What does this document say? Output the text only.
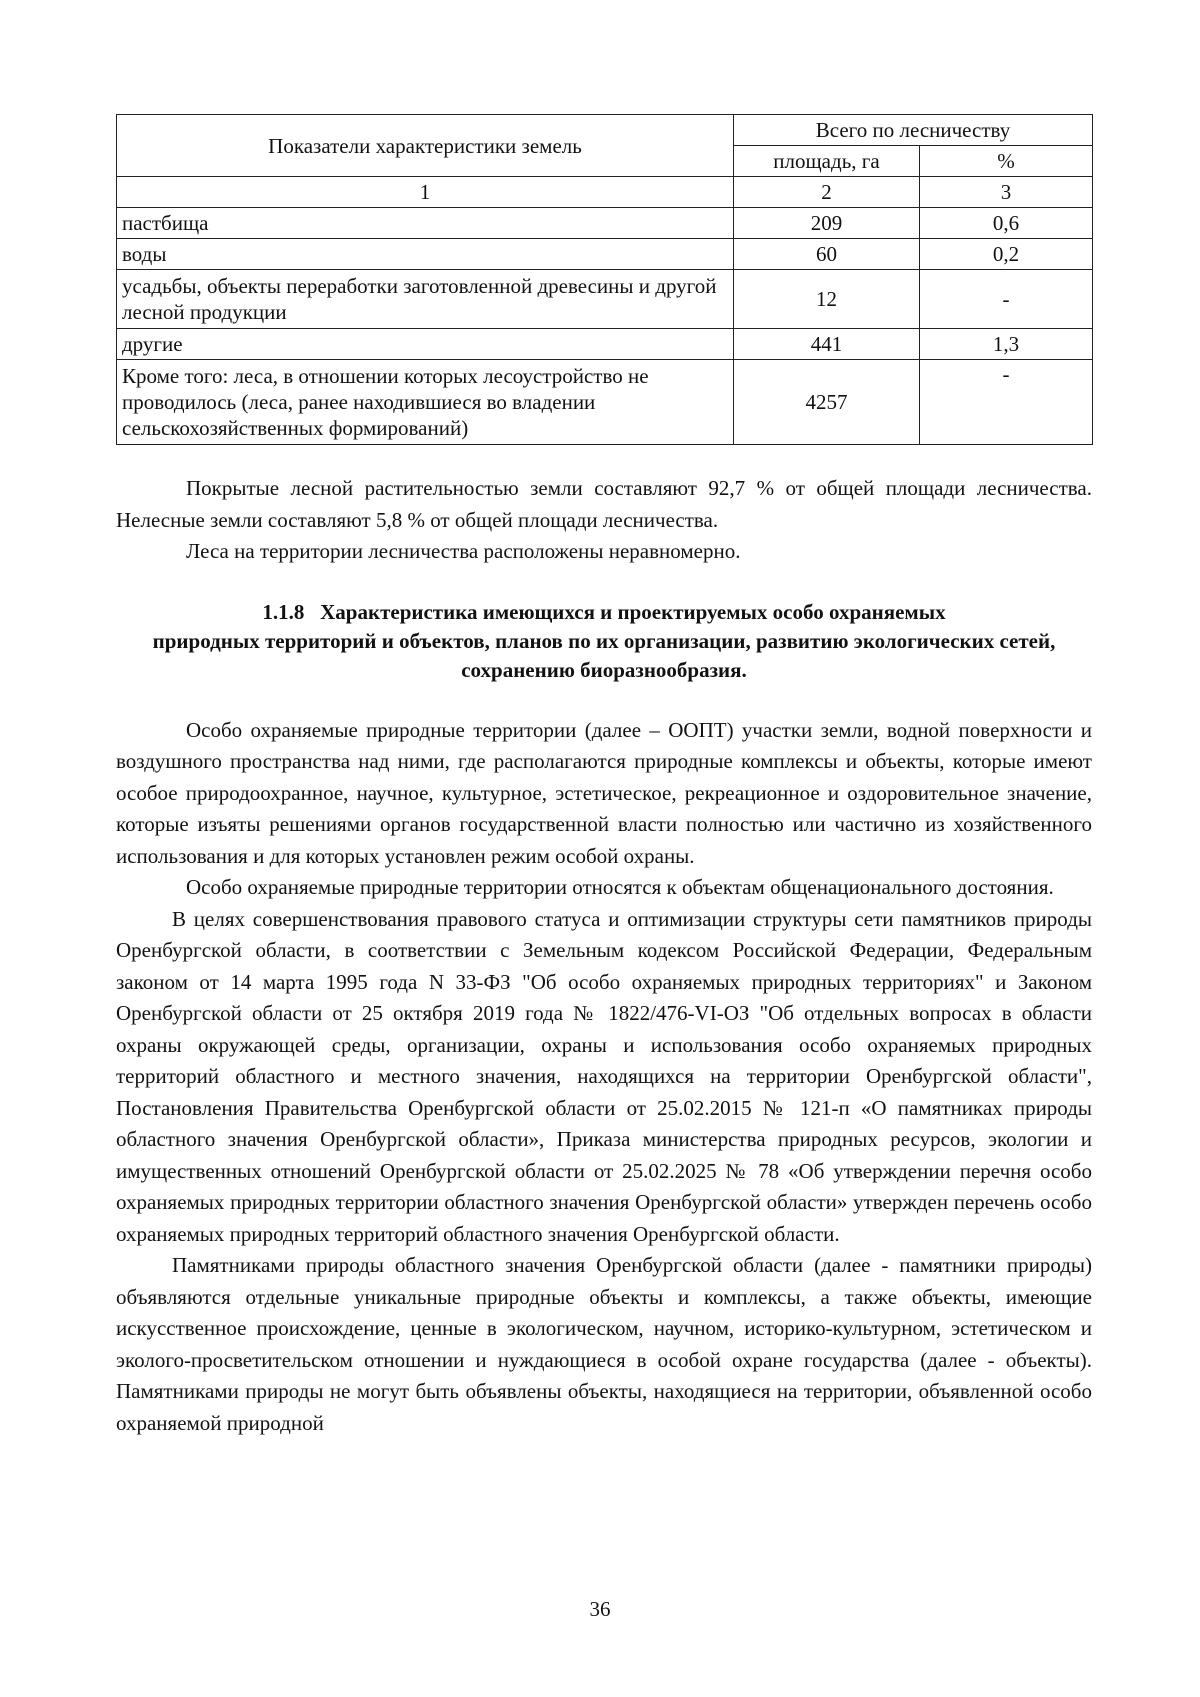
Показатели характеристики земель	Всего по лесничеству	
	площадь, га	%
1	2	3
пастбища	209	0,6
воды	60	0,2
усадьбы, объекты переработки заготовленной древесины и другой лесной продукции	12	-
другие	441	1,3
Кроме того: леса, в отношении которых лесоустройство не проводилось (леса, ранее находившиеся во владении сельскохозяйственных формирований)	4257	-

Покрытые лесной растительностью земли составляют 92,7 % от общей площади лесничества. Нелесные земли составляют 5,8 % от общей площади лесничества.

Леса на территории лесничества расположены неравномерно.

1.1.8 Характеристика имеющихся и проектируемых особо охраняемых
природных территорий и объектов, планов по их организации, развитию экологических сетей, сохранению биоразнообразия.

Особо охраняемые природные территории (далее – ООПТ) участки земли, водной поверхности и воздушного пространства над ними, где располагаются природные комплексы и объекты, которые имеют особое природоохранное, научное, культурное, эстетическое, рекреационное и оздоровительное значение, которые изъяты решениями органов государственной власти полностью или частично из хозяйственного использования и для которых установлен режим особой охраны.

Особо охраняемые природные территории относятся к объектам общенационального достояния.

В целях совершенствования правового статуса и оптимизации структуры сети памятников природы Оренбургской области, в соответствии с Земельным кодексом Российской Федерации, Федеральным законом от 14 марта 1995 года N 33-ФЗ "Об особо охраняемых природных территориях" и Законом Оренбургской области от 25 октября 2019 года № 1822/476-VI-ОЗ "Об отдельных вопросах в области охраны окружающей среды, организации, охраны и использования особо охраняемых природных территорий областного и местного значения, находящихся на территории Оренбургской области", Постановления Правительства Оренбургской области от 25.02.2015 № 121-п «О памятниках природы областного значения Оренбургской области», Приказа министерства природных ресурсов, экологии и имущественных отношений Оренбургской области от 25.02.2025 № 78 «Об утверждении перечня особо охраняемых природных территории областного значения Оренбургской области» утвержден перечень особо охраняемых природных территорий областного значения Оренбургской области.

Памятниками природы областного значения Оренбургской области (далее - памятники природы) объявляются отдельные уникальные природные объекты и комплексы, а также объекты, имеющие искусственное происхождение, ценные в экологическом, научном, историко-культурном, эстетическом и эколого-просветительском отношении и нуждающиеся в особой охране государства (далее - объекты). Памятниками природы не могут быть объявлены объекты, находящиеся на территории, объявленной особо охраняемой природной

36
